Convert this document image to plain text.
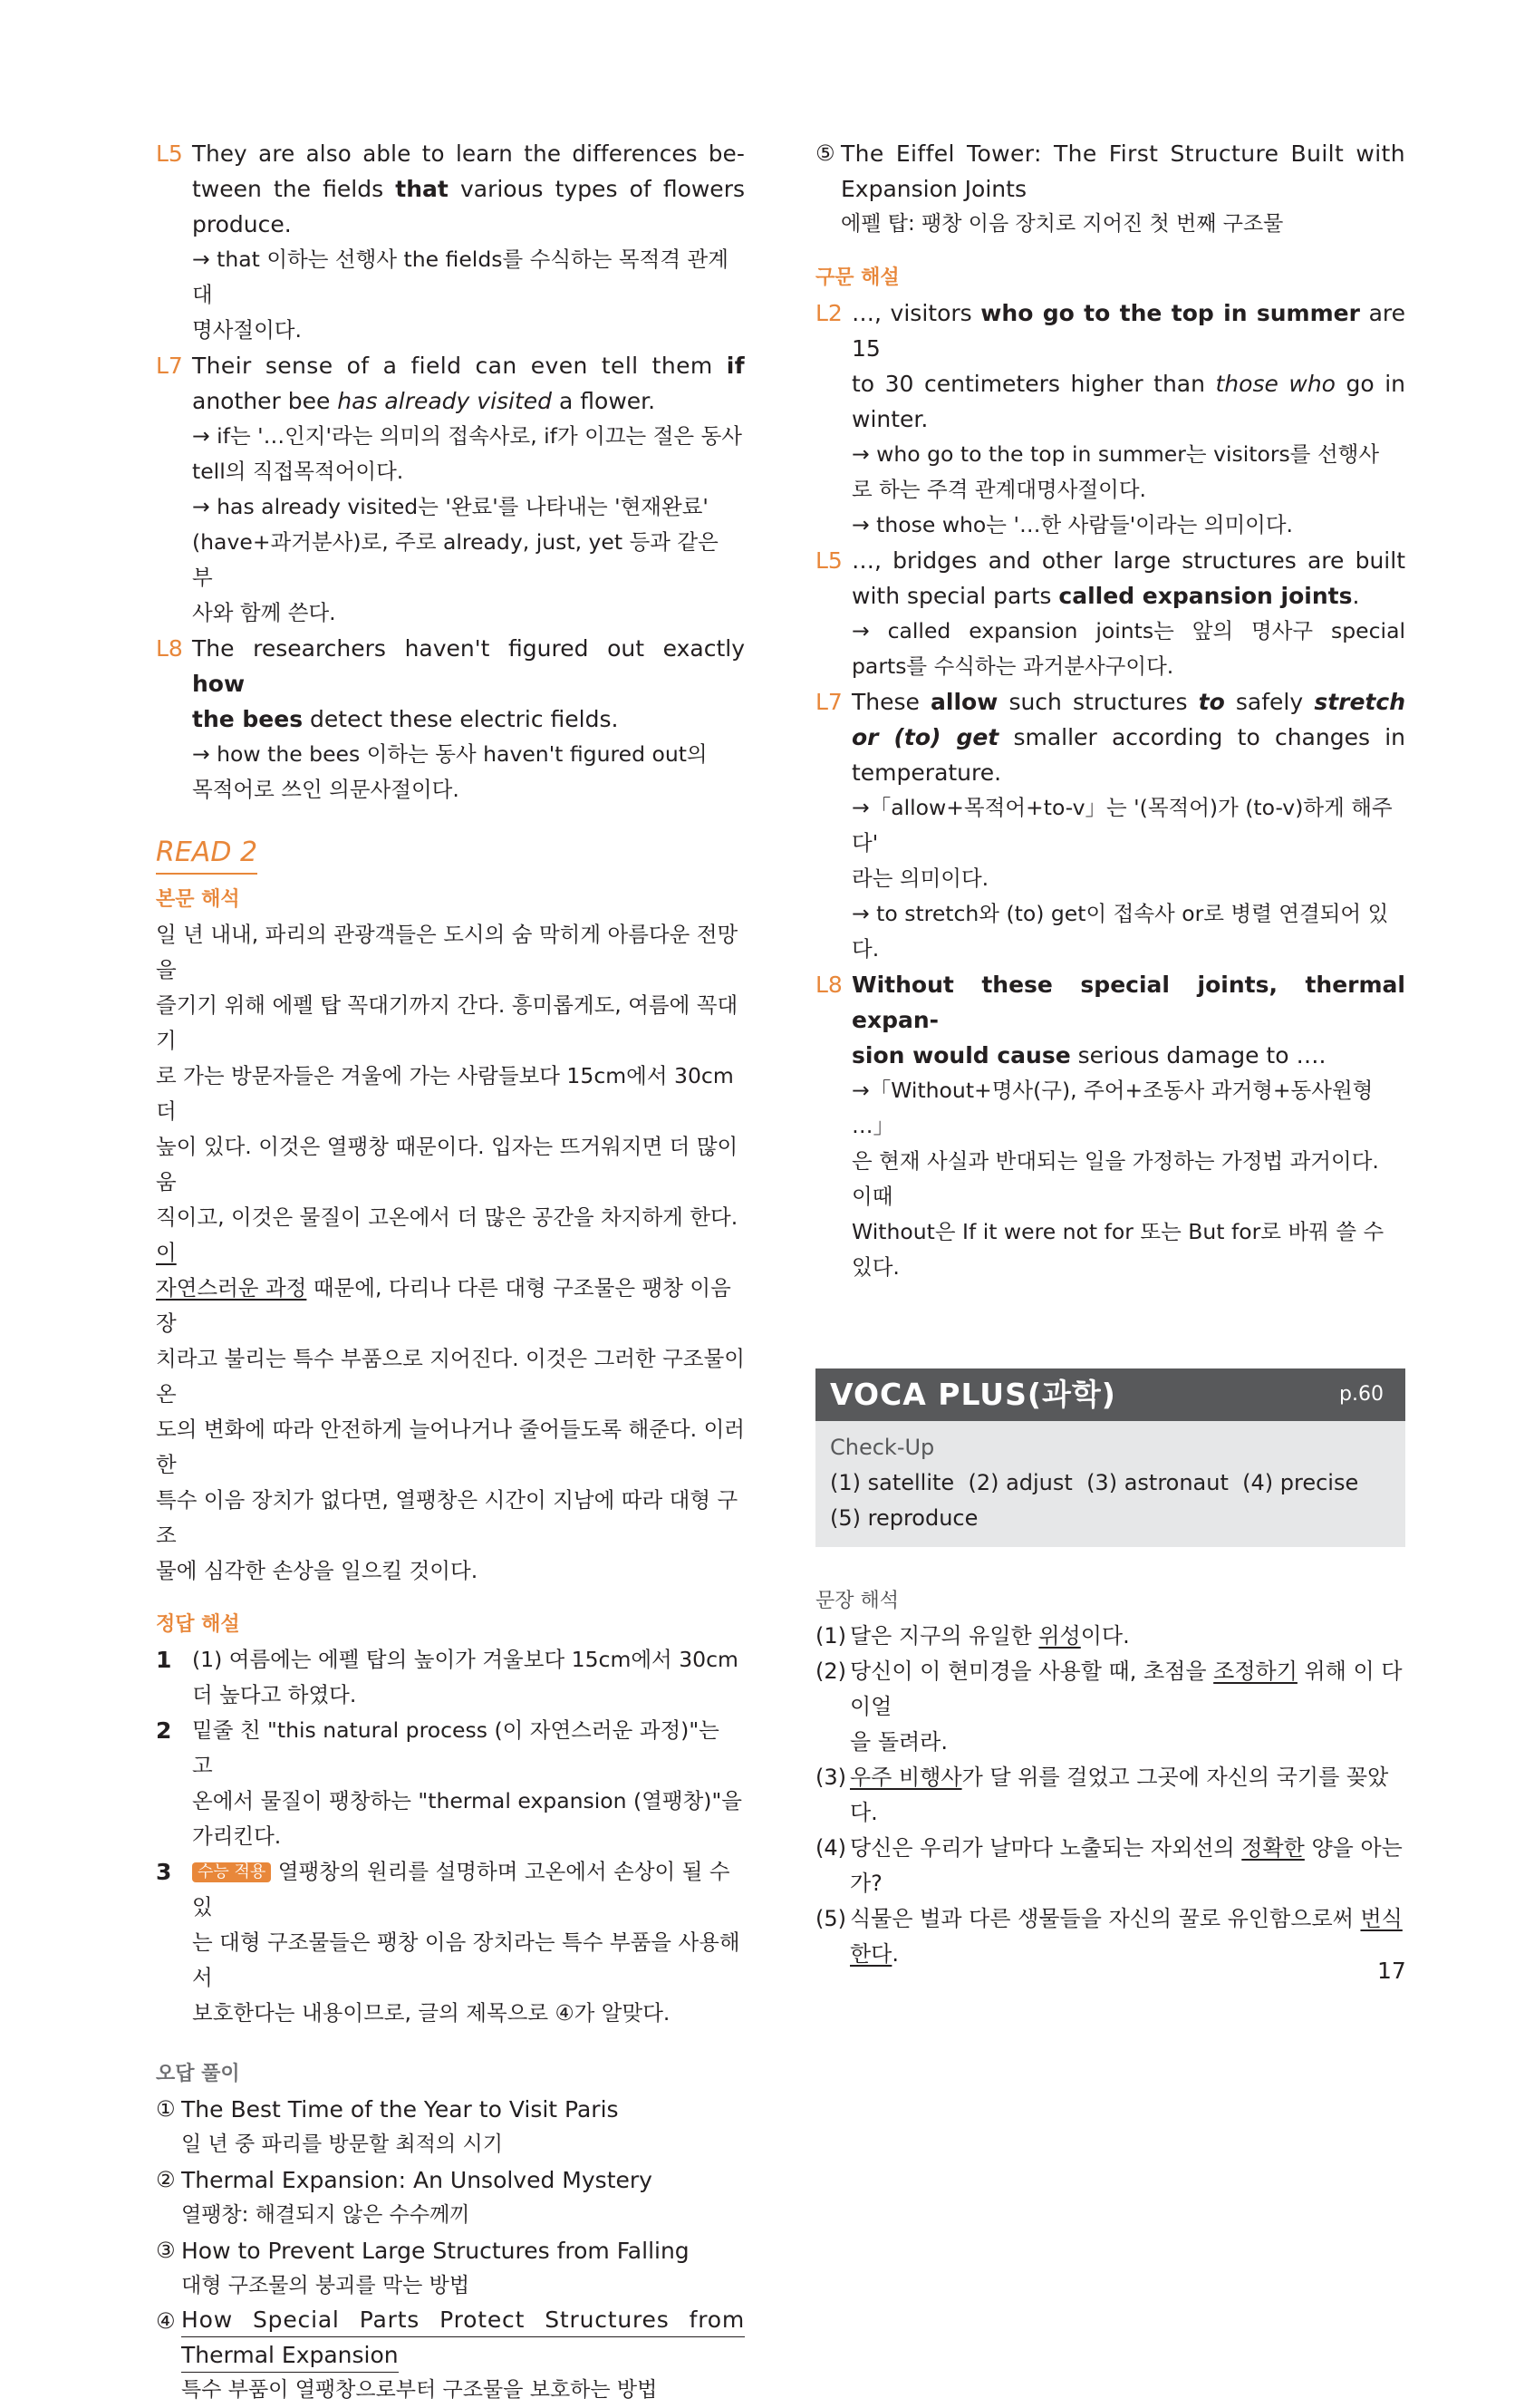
L5 They are also able to learn the differences be-
tween the fields that various types of flowers
produce.
→ that 이하는 선행사 the fields를 수식하는 목적격 관계대
명사절이다.
L7 Their sense of a field can even tell them if
another bee has already visited a flower.
→ if는 '…인지'라는 의미의 접속사로, if가 이끄는 절은 동사
tell의 직접목적어이다.
→ has already visited는 '완료'를 나타내는 '현재완료'
(have+과거분사)로, 주로 already, just, yet 등과 같은 부
사와 함께 쓴다.
L8 The researchers haven't figured out exactly how
the bees detect these electric fields.
→ how the bees 이하는 동사 haven't figured out의
목적어로 쓰인 의문사절이다.
READ 2
본문 해석
일 년 내내, 파리의 관광객들은 도시의 숨 막히게 아름다운 전망을
즐기기 위해 에펠 탑 꼭대기까지 간다. 흥미롭게도, 여름에 꼭대기
로 가는 방문자들은 겨울에 가는 사람들보다 15cm에서 30cm 더
높이 있다. 이것은 열팽창 때문이다. 입자는 뜨거워지면 더 많이 움
직이고, 이것은 물질이 고온에서 더 많은 공간을 차지하게 한다. 이
자연스러운 과정 때문에, 다리나 다른 대형 구조물은 팽창 이음 장
치라고 불리는 특수 부품으로 지어진다. 이것은 그러한 구조물이 온
도의 변화에 따라 안전하게 늘어나거나 줄어들도록 해준다. 이러한
특수 이음 장치가 없다면, 열팽창은 시간이 지남에 따라 대형 구조
물에 심각한 손상을 일으킬 것이다.
정답 해설
1 (1) 여름에는 에펠 탑의 높이가 겨울보다 15cm에서 30cm
더 높다고 하였다.
2 밑줄 친 "this natural process (이 자연스러운 과정)"는 고
온에서 물질이 팽창하는 "thermal expansion (열팽창)"을
가리킨다.
3	수능 적용 열팽창의 원리를 설명하며 고온에서 손상이 될 수 있
는 대형 구조물들은 팽창 이음 장치라는 특수 부품을 사용해서
보호한다는 내용이므로, 글의 제목으로 ④가 알맞다.
오답 풀이
① The Best Time of the Year to Visit Paris
일 년 중 파리를 방문할 최적의 시기
② Thermal Expansion: An Unsolved Mystery
열팽창: 해결되지 않은 수수께끼
③ How to Prevent Large Structures from Falling
대형 구조물의 붕괴를 막는 방법
④ How Special Parts Protect Structures from
Thermal Expansion
특수 부품이 열팽창으로부터 구조물을 보호하는 방법
⑤ The Eiffel Tower: The First Structure Built with
Expansion Joints
에펠 탑: 팽창 이음 장치로 지어진 첫 번째 구조물
구문 해설
L2 …, visitors who go to the top in summer are 15
to 30 centimeters higher than those who go in
winter.
→ who go to the top in summer는 visitors를 선행사
로 하는 주격 관계대명사절이다.
→ those who는 '…한 사람들'이라는 의미이다.
L5 …, bridges and other large structures are built
with special parts called expansion joints.
→ called expansion joints는 앞의 명사구 special
parts를 수식하는 과거분사구이다.
L7 These allow such structures to safely stretch
or (to) get smaller according to changes in
temperature.
→「allow+목적어+to-v」는 '(목적어)가 (to-v)하게 해주다'
라는 의미이다.
→ to stretch와 (to) get이 접속사 or로 병렬 연결되어 있다.
L8 Without these special joints, thermal expan-
sion would cause serious damage to ….
→「Without+명사(구), 주어+조동사 과거형+동사원형 …」
은 현재 사실과 반대되는 일을 가정하는 가정법 과거이다. 이때
Without은 If it were not for 또는 But for로 바꿔 쓸 수
있다.
VOCA PLUS(과학)	p.60
Check-Up
(1) satellite  (2) adjust  (3) astronaut  (4) precise
(5) reproduce
문장 해석
(1) 달은 지구의 유일한 위성이다.
(2) 당신이 이 현미경을 사용할 때, 초점을 조정하기 위해 이 다이얼
을 돌려라.
(3) 우주 비행사가 달 위를 걸었고 그곳에 자신의 국기를 꽂았다.
(4) 당신은 우리가 날마다 노출되는 자외선의 정확한 양을 아는가?
(5) 식물은 벌과 다른 생물들을 자신의 꿀로 유인함으로써 번식
한다.
17
